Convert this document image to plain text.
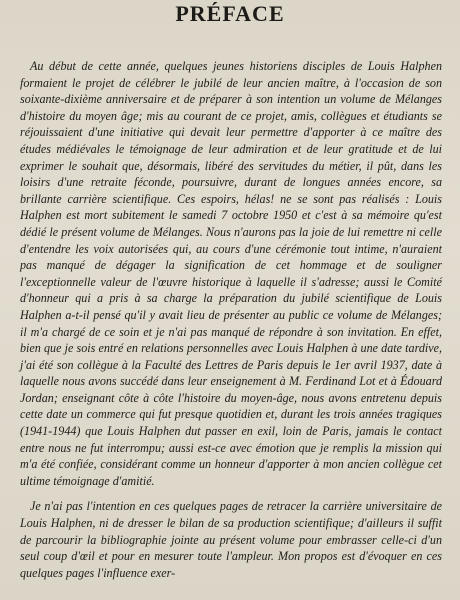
PRÉFACE

Au début de cette année, quelques jeunes historiens disciples de Louis Halphen formaient le projet de célébrer le jubilé de leur ancien maître, à l'occasion de son soixante-dixième anniversaire et de préparer à son intention un volume de Mélanges d'histoire du moyen âge; mis au courant de ce projet, amis, collègues et étudiants se réjouissaient d'une initiative qui devait leur permettre d'apporter à ce maître des études médiévales le témoignage de leur admiration et de leur gratitude et de lui exprimer le souhait que, désormais, libéré des servitudes du métier, il pût, dans les loisirs d'une retraite féconde, poursuivre, durant de longues années encore, sa brillante carrière scientifique. Ces espoirs, hélas! ne se sont pas réalisés : Louis Halphen est mort subitement le samedi 7 octobre 1950 et c'est à sa mémoire qu'est dédié le présent volume de Mélanges. Nous n'aurons pas la joie de lui remettre ni celle d'entendre les voix autorisées qui, au cours d'une cérémonie tout intime, n'auraient pas manqué de dégager la signification de cet hommage et de souligner l'exceptionnelle valeur de l'œuvre historique à laquelle il s'adresse; aussi le Comité d'honneur qui a pris à sa charge la préparation du jubilé scientifique de Louis Halphen a-t-il pensé qu'il y avait lieu de présenter au public ce volume de Mélanges; il m'a chargé de ce soin et je n'ai pas manqué de répondre à son invitation. En effet, bien que je sois entré en relations personnelles avec Louis Halphen à une date tardive, j'ai été son collègue à la Faculté des Lettres de Paris depuis le 1er avril 1937, date à laquelle nous avons succédé dans leur enseignement à M. Ferdinand Lot et à Édouard Jordan; enseignant côte à côte l'histoire du moyen-âge, nous avons entretenu depuis cette date un commerce qui fut presque quotidien et, durant les trois années tragiques (1941-1944) que Louis Halphen dut passer en exil, loin de Paris, jamais le contact entre nous ne fut interrompu; aussi est-ce avec émotion que je remplis la mission qui m'a été confiée, considérant comme un honneur d'apporter à mon ancien collègue cet ultime témoignage d'amitié.

Je n'ai pas l'intention en ces quelques pages de retracer la carrière universitaire de Louis Halphen, ni de dresser le bilan de sa production scientifique; d'ailleurs il suffit de parcourir la bibliographie jointe au présent volume pour embrasser celle-ci d'un seul coup d'œil et pour en mesurer toute l'ampleur. Mon propos est d'évoquer en ces quelques pages l'influence exer-
